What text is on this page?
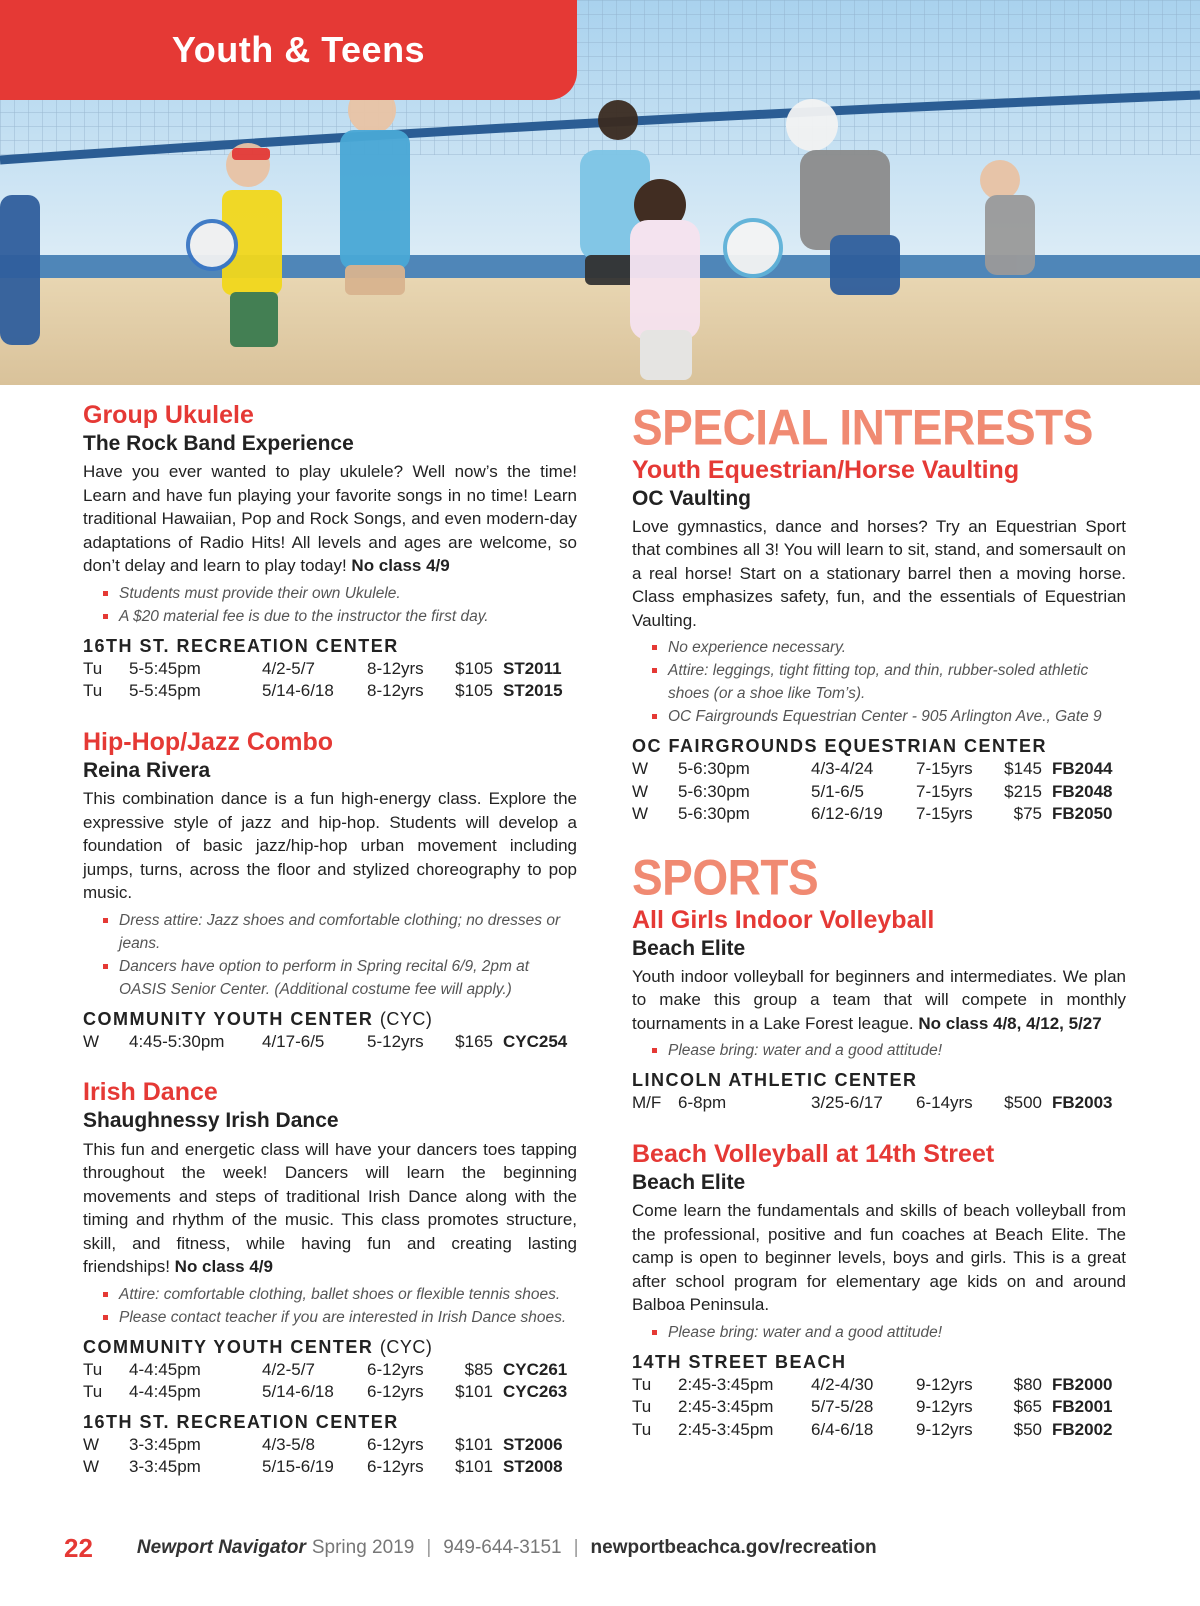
Youth & Teens
Group Ukulele
The Rock Band Experience
Have you ever wanted to play ukulele? Well now’s the time! Learn and have fun playing your favorite songs in no time! Learn traditional Hawaiian, Pop and Rock Songs, and even modern-day adaptations of Radio Hits! All levels and ages are welcome, so don’t delay and learn to play today! No class 4/9
Students must provide their own Ukulele.
A $20 material fee is due to the instructor the first day.
16TH ST. RECREATION CENTER
Tu	5-5:45pm	4/2-5/7	8-12yrs	$105 ST2011
Tu	5-5:45pm	5/14-6/18	8-12yrs	$105 ST2015
Hip-Hop/Jazz Combo
Reina Rivera
This combination dance is a fun high-energy class. Explore the expressive style of jazz and hip-hop. Students will develop a foundation of basic jazz/hip-hop urban movement including jumps, turns, across the floor and stylized choreography to pop music.
Dress attire: Jazz shoes and comfortable clothing; no dresses or jeans.
Dancers have option to perform in Spring recital 6/9, 2pm at OASIS Senior Center. (Additional costume fee will apply.)
COMMUNITY YOUTH CENTER (CYC)
W	4:45-5:30pm	4/17-6/5	5-12yrs	$165 CYC254
Irish Dance
Shaughnessy Irish Dance
This fun and energetic class will have your dancers toes tapping throughout the week! Dancers will learn the beginning movements and steps of traditional Irish Dance along with the timing and rhythm of the music. This class promotes structure, skill, and fitness, while having fun and creating lasting friendships! No class 4/9
Attire: comfortable clothing, ballet shoes or flexible tennis shoes.
Please contact teacher if you are interested in Irish Dance shoes.
COMMUNITY YOUTH CENTER (CYC)
Tu	4-4:45pm	4/2-5/7	6-12yrs	$85 CYC261
Tu	4-4:45pm	5/14-6/18	6-12yrs	$101 CYC263
16TH ST. RECREATION CENTER
W	3-3:45pm	4/3-5/8	6-12yrs	$101 ST2006
W	3-3:45pm	5/15-6/19	6-12yrs	$101 ST2008
SPECIAL INTERESTS
Youth Equestrian/Horse Vaulting
OC Vaulting
Love gymnastics, dance and horses? Try an Equestrian Sport that combines all 3! You will learn to sit, stand, and somersault on a real horse! Start on a stationary barrel then a moving horse. Class emphasizes safety, fun, and the essentials of Equestrian Vaulting.
No experience necessary.
Attire: leggings, tight fitting top, and thin, rubber-soled athletic shoes (or a shoe like Tom’s).
OC Fairgrounds Equestrian Center - 905 Arlington Ave., Gate 9
OC FAIRGROUNDS EQUESTRIAN CENTER
W	5-6:30pm	4/3-4/24	7-15yrs	$145 FB2044
W	5-6:30pm	5/1-6/5	7-15yrs	$215 FB2048
W	5-6:30pm	6/12-6/19	7-15yrs	$75 FB2050
SPORTS
All Girls Indoor Volleyball
Beach Elite
Youth indoor volleyball for beginners and intermediates. We plan to make this group a team that will compete in monthly tournaments in a Lake Forest league. No class 4/8, 4/12, 5/27
Please bring: water and a good attitude!
LINCOLN ATHLETIC CENTER
M/F 6-8pm	3/25-6/17	6-14yrs	$500 FB2003
Beach Volleyball at 14th Street
Beach Elite
Come learn the fundamentals and skills of beach volleyball from the professional, positive and fun coaches at Beach Elite. The camp is open to beginner levels, boys and girls. This is a great after school program for elementary age kids on and around Balboa Peninsula.
Please bring: water and a good attitude!
14TH STREET BEACH
Tu	2:45-3:45pm	4/2-4/30	9-12yrs	$80 FB2000
Tu	2:45-3:45pm	5/7-5/28	9-12yrs	$65 FB2001
Tu	2:45-3:45pm	6/4-6/18	9-12yrs	$50 FB2002
22 Newport Navigator Spring 2019 | 949-644-3151 | newportbeachca.gov/recreation
